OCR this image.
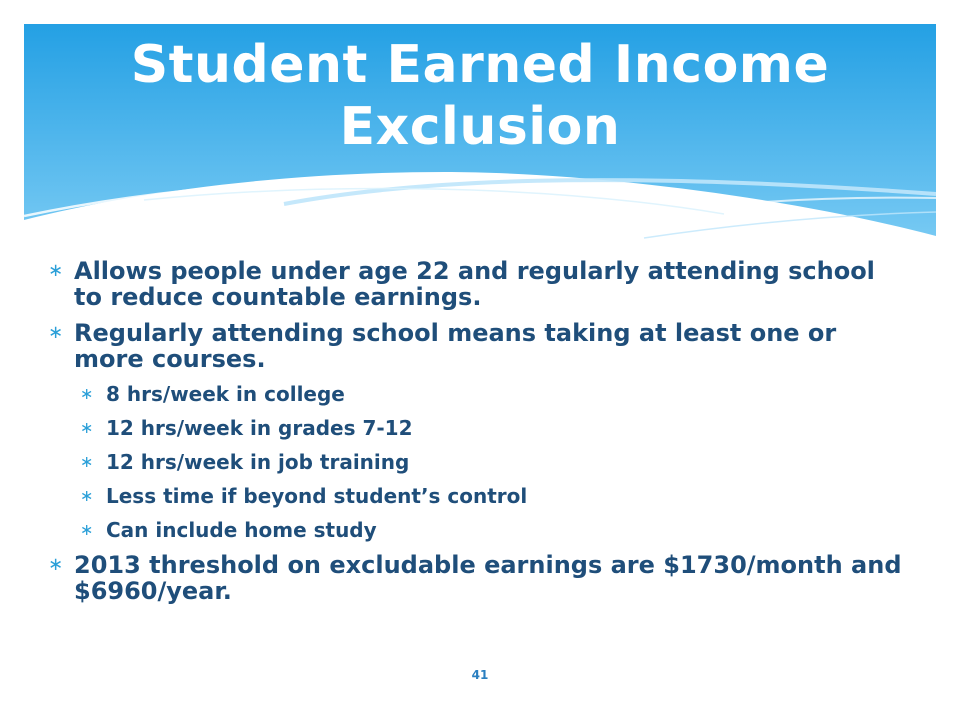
Student Earned Income
Exclusion
∗ Allows people under age 22 and regularly attending school to reduce countable earnings.
∗ Regularly attending school means taking at least one or more courses.
∗ 8 hrs/week in college
∗ 12 hrs/week in grades 7-12
∗ 12 hrs/week in job training
∗ Less time if beyond student’s control
∗ Can include home study
∗ 2013 threshold on excludable earnings are $1730/month and $6960/year.
41
